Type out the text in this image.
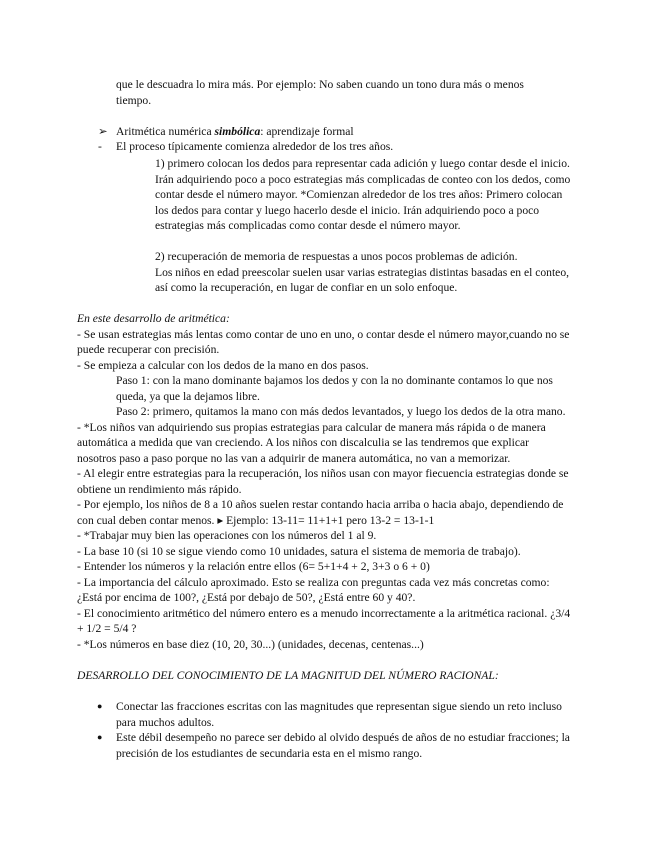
que le descuadra lo mira más. Por ejemplo: No saben cuando un tono dura más o menos
tiempo.
➢ Aritmética numérica simbólica: aprendizaje formal
- El proceso típicamente comienza alrededor de los tres años.
1) primero colocan los dedos para representar cada adición y luego contar desde el inicio.
Irán adquiriendo poco a poco estrategias más complicadas de conteo con los dedos, como
contar desde el número mayor. *Comienzan alrededor de los tres años: Primero colocan
los dedos para contar y luego hacerlo desde el inicio. Irán adquiriendo poco a poco
estrategias más complicadas como contar desde el número mayor.
2) recuperación de memoria de respuestas a unos pocos problemas de adición.
Los niños en edad preescolar suelen usar varias estrategias distintas basadas en el conteo,
así como la recuperación, en lugar de confiar en un solo enfoque.
En este desarrollo de aritmética:
- Se usan estrategias más lentas como contar de uno en uno, o contar desde el número mayor,cuando no se
puede recuperar con precisión.
- Se empieza a calcular con los dedos de la mano en dos pasos.
Paso 1: con la mano dominante bajamos los dedos y con la no dominante contamos lo que nos
queda, ya que la dejamos libre.
Paso 2: primero, quitamos la mano con más dedos levantados, y luego los dedos de la otra mano.
- *Los niños van adquiriendo sus propias estrategias para calcular de manera más rápida o de manera
automática a medida que van creciendo. A los niños con discalculia se las tendremos que explicar
nosotros paso a paso porque no las van a adquirir de manera automática, no van a memorizar.
- Al elegir entre estrategias para la recuperación, los niños usan con mayor fiecuencia estrategias donde se
obtiene un rendimiento más rápido.
- Por ejemplo, los niños de 8 a 10 años suelen restar contando hacia arriba o hacia abajo, dependiendo de
con cual deben contar menos. ▸ Ejemplo: 13-11= 11+1+1 pero 13-2 = 13-1-1
- *Trabajar muy bien las operaciones con los números del 1 al 9.
- La base 10 (si 10 se sigue viendo como 10 unidades, satura el sistema de memoria de trabajo).
- Entender los números y la relación entre ellos (6= 5+1+4 + 2, 3+3 o 6 + 0)
- La importancia del cálculo aproximado. Esto se realiza con preguntas cada vez más concretas como:
¿Está por encima de 100?, ¿Está por debajo de 50?, ¿Está entre 60 y 40?.
- El conocimiento aritmético del número entero es a menudo incorrectamente a la aritmética racional. ¿3/4
+ 1/2 = 5/4 ?
- *Los números en base diez (10, 20, 30...) (unidades, decenas, centenas...)
DESARROLLO DEL CONOCIMIENTO DE LA MAGNITUD DEL NÚMERO RACIONAL:
● Conectar las fracciones escritas con las magnitudes que representan sigue siendo un reto incluso
para muchos adultos.
● Este débil desempeño no parece ser debido al olvido después de años de no estudiar fracciones; la
precisión de los estudiantes de secundaria esta en el mismo rango.
